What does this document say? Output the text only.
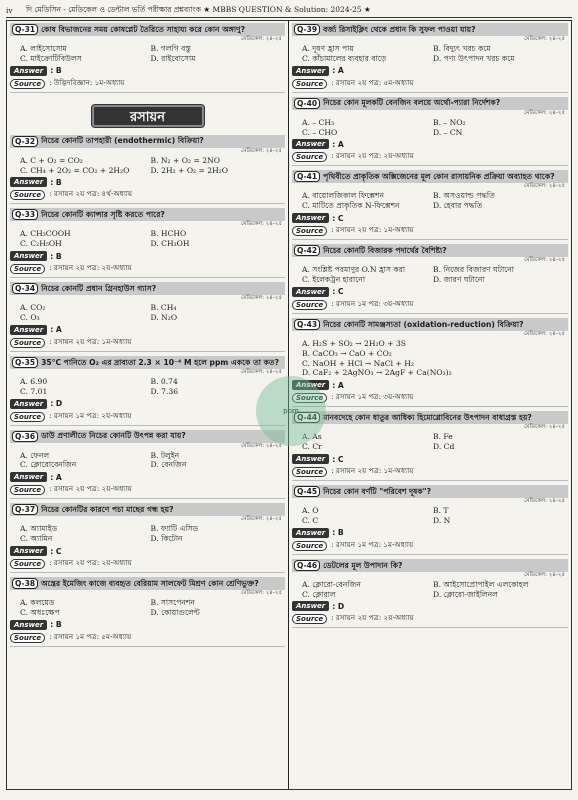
iv	দি মেডিসিন - মেডিকেল ও ডেন্টাল ভর্তি পরীক্ষার প্রশ্নব্যাংক ★ MBBS QUESTION & Solution: 2024-25 ★
Q-31 কোষ বিভাজনের সময় কোষপ্লেট তৈরিতে সাহায্য করে কোন অঙ্গাণু?
মেডিকেল: ২৪-২৫
A. লাইসোসোম	B. গলগি বস্তু
C. মাইক্রোটিবিউলস	D. রাইবোসোম
Answer : B
Source	: উদ্ভিদবিজ্ঞান: ১ম-অধ্যায়
রসায়ন
Q-32 নিচের কোনটি তাপহারী (endothermic) বিক্রিয়া?
মেডিকেল: ২৪-২৫
A. C + O₂ = CO₂	B. N₂ + O₂ = 2NO
C. CH₄ + 2O₂ = CO₂ + 2H₂O	D. 2H₂ + O₂ = 2H₂O
Answer : B
Source	: রসায়ন ২য় পত্র: ৪র্থ-অধ্যায়
Q-33 নিচের কোনটি ক্যান্সার সৃষ্টি করতে পারে?
মেডিকেল: ২৪-২৫
A. CH₃COOH	B. HCHO
C. C₂H₅OH	D. CH₃OH
Answer : B
Source	: রসায়ন ২য় পত্র: ২য়-অধ্যায়
Q-34 নিচের কোনটি প্রধান গ্রিনহাউস গ্যাস?
মেডিকেল: ২৪-২৫
A. CO₂	B. CH₄
C. O₃	D. N₂O
Answer : A
Source	: রসায়ন ২য় পত্র: ১ম-অধ্যায়
Q-35 35°C পানিতে O₂ এর দ্রাব্যতা 2.3 × 10⁻⁴ M হলে ppm এককে তা কত?
মেডিকেল: ২৪-২৫
A. 6.90	B. 0.74
C. 7.01	D. 7.36
Answer : D
Source	: রসায়ন ১ম পত্র: ২য়-অধ্যায়
Q-36 ডাউ প্রণালীতে নিচের কোনটি উৎপন্ন করা যায়?
মেডিকেল: ২৪-২৫
A. ফেনল	B. টলুইন
C. ক্লোরোবেনজিন	D. বেনজিন
Answer : A
Source	: রসায়ন ২য় পত্র: ২য়-অধ্যায়
Q-37 নিচের কোনটির কারণে পচা মাছের গন্ধ হয়?
মেডিকেল: ২৪-২৫
A. অ্যামাইড	B. ফ্যাটি এসিড
C. অ্যামিন	D. কিটোন
Answer : C
Source	: রসায়ন ২য় পত্র: ২য়-অধ্যায়
Q-38 অন্ত্রের ইমেজিং কাজে ব্যবহৃত বেরিয়াম সালফেট মিশ্রণ কোন শ্রেণিভুক্ত?
মেডিকেল: ২৪-২৫
A. কলয়েড	B. সাসপেনশন
C. অধঃক্ষেপ	D. কোয়াগুলেন্ট
Answer : B
Source	: রসায়ন ১ম পত্র: ৫ম-অধ্যায়
Q-39 বর্জ্য রিসাইক্লিং থেকে প্রধান কি সুফল পাওয়া যায়?
মেডিকেল: ২৪-২৫
A. দূষণ হ্রাস পায়	B. বিদ্যুৎ খরচ কমে
C. কাঁচামালের ব্যবহার বাড়ে	D. পণ্য উৎপাদন খরচ কমে
Answer : A
Source	: রসায়ন ২য় পত্র: ৫ম-অধ্যায়
Q-40 নিচের কোন মূলকটি বেনজিন বলয়ে অর্থো-প্যারা নির্দেশক?
মেডিকেল: ২৪-২৫
A. – CH₃	B. – NO₂
C. – CHO	D. – CN
Answer : A
Source	: রসায়ন ২য় পত্র: ২য়-অধ্যায়
Q-41 পৃথিবীতে প্রাকৃতিক অক্সিজেনের মূল কোন রাসায়নিক প্রক্রিয়া অব্যাহত থাকে?
মেডিকেল: ২৪-২৫
A. বায়োলজিকাল ফিক্সেশন	B. অসওয়াল্ড পদ্ধতি
C. মাটিতে প্রাকৃতিক N-ফিক্সেশন	D. হেবার পদ্ধতি
Answer : C
Source	: রসায়ন ২য় পত্র: ১ম-অধ্যায়
Q-42 নিচের কোনটি বিজারক পদার্থের বৈশিষ্ট্য?
মেডিকেল: ২৪-২৫
A. সংশ্লিষ্ট পরমাণুর O.N হ্রাস করা	B. নিজের বিজারণ ঘটানো
C. ইলেকট্রন হারানো	D. জারণ ঘটানো
Answer : C
Source	: রসায়ন ১ম পত্র: ৩য়-অধ্যায়
Q-43 নিচের কোনটি সামঞ্জস্যতা (oxidation-reduction) বিক্রিয়া?
মেডিকেল: ২৪-২৫
A. H₂S + SO₂ → 2H₂O + 3S
B. CaCO₃ → CaO + CO₂
C. NaOH + HCl → NaCl + H₂
D. CaF₂ + 2AgNO₃ → 2AgF + Ca(NO₃)₂
Answer : A
Source	: রসায়ন ১ম পত্র: ৩য়-অধ্যায়
Q-44 মানবদেহে কোন ধাতুর আধিক্য হিমোগ্লোবিনের উৎপাদন বাধাগ্রস্ত হয়?
মেডিকেল: ২৪-২৫
A. As	B. Fe
C. Cr	D. Cd
Answer : C
Source	: রসায়ন ২য় পত্র: ১ম-অধ্যায়
Q-45 নিচের কোন বর্ণটি "পরিবেশ দূষক"?
মেডিকেল: ২৪-২৫
A. O	B. T
C. C	D. N
Answer : B
Source	: রসায়ন ১ম পত্র: ১ম-অধ্যায়
Q-46 ডেটলের মূল উপাদান কি?
মেডিকেল: ২৪-২৫
A. ক্লোরো-বেনজিন	B. আইসোপ্রোপাইল এলকোহল
C. ক্লোরাল	D. ক্লোরো-জাইলিনল
Answer : D
Source	: রসায়ন ২য় পত্র: ২য়-অধ্যায়
ppm
